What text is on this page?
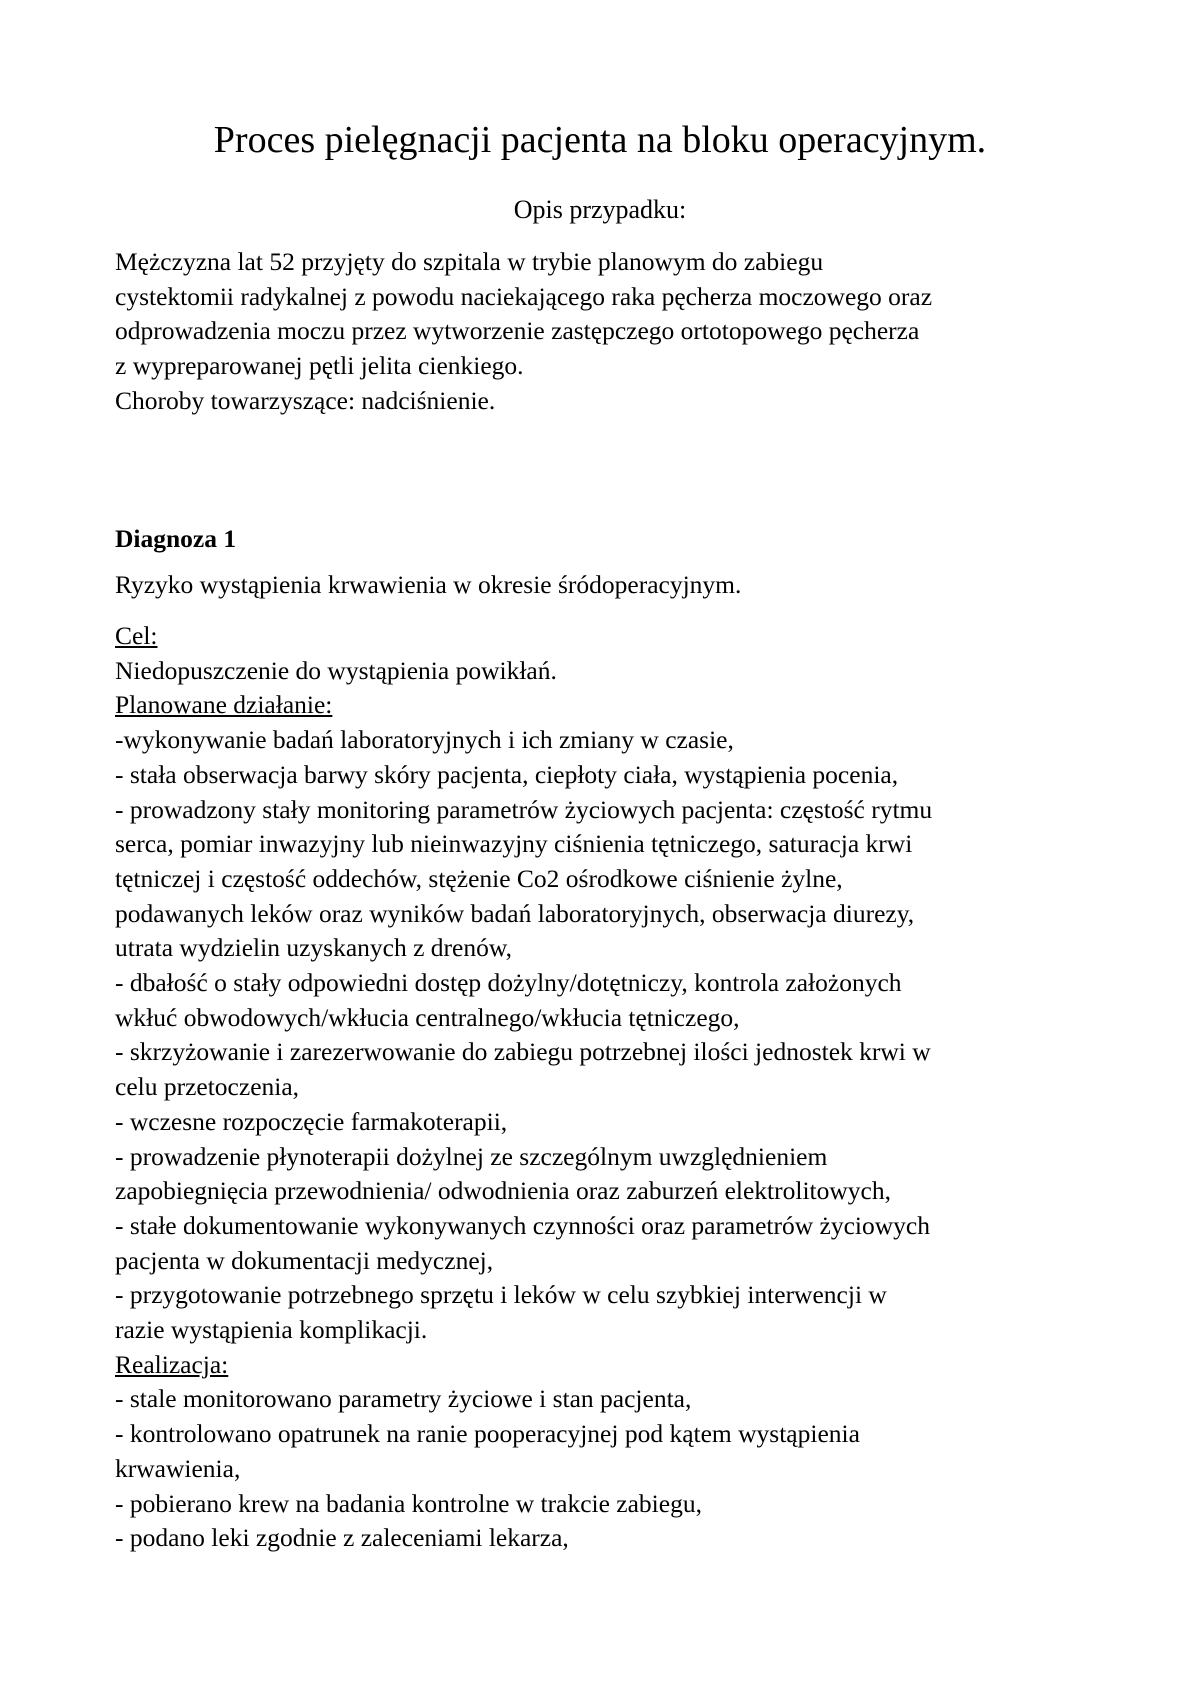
Proces pielęgnacji pacjenta na bloku operacyjnym.
Opis przypadku:
Mężczyzna lat 52 przyjęty do szpitala w trybie planowym do zabiegu
cystektomii radykalnej z powodu naciekającego raka pęcherza moczowego oraz
odprowadzenia moczu przez wytworzenie zastępczego ortotopowego pęcherza
z wypreparowanej pętli jelita cienkiego.
Choroby towarzyszące: nadciśnienie.
Diagnoza 1
Ryzyko wystąpienia krwawienia w okresie śródoperacyjnym.
Cel:
Niedopuszczenie do wystąpienia powikłań.
Planowane działanie:
-wykonywanie badań laboratoryjnych i ich zmiany w czasie,
- stała obserwacja barwy skóry pacjenta, ciepłoty ciała, wystąpienia pocenia,
- prowadzony stały monitoring parametrów życiowych pacjenta: częstość rytmu
serca, pomiar inwazyjny lub nieinwazyjny ciśnienia tętniczego, saturacja krwi
tętniczej i częstość oddechów, stężenie Co2 ośrodkowe ciśnienie żylne,
podawanych leków oraz wyników badań laboratoryjnych, obserwacja diurezy,
utrata wydzielin uzyskanych z drenów,
- dbałość o stały odpowiedni dostęp dożylny/dotętniczy, kontrola założonych
wkłuć obwodowych/wkłucia centralnego/wkłucia tętniczego,
- skrzyżowanie i zarezerwowanie do zabiegu potrzebnej ilości jednostek krwi w
celu przetoczenia,
- wczesne rozpoczęcie farmakoterapii,
- prowadzenie płynoterapii dożylnej ze szczególnym uwzględnieniem
zapobiegnięcia przewodnienia/ odwodnienia oraz zaburzeń elektrolitowych,
- stałe dokumentowanie wykonywanych czynności oraz parametrów życiowych
pacjenta w dokumentacji medycznej,
- przygotowanie potrzebnego sprzętu i leków w celu szybkiej interwencji w
razie wystąpienia komplikacji.
Realizacja:
- stale monitorowano parametry życiowe i stan pacjenta,
- kontrolowano opatrunek na ranie pooperacyjnej pod kątem wystąpienia
krwawienia,
- pobierano krew na badania kontrolne w trakcie zabiegu,
- podano leki zgodnie z zaleceniami lekarza,
